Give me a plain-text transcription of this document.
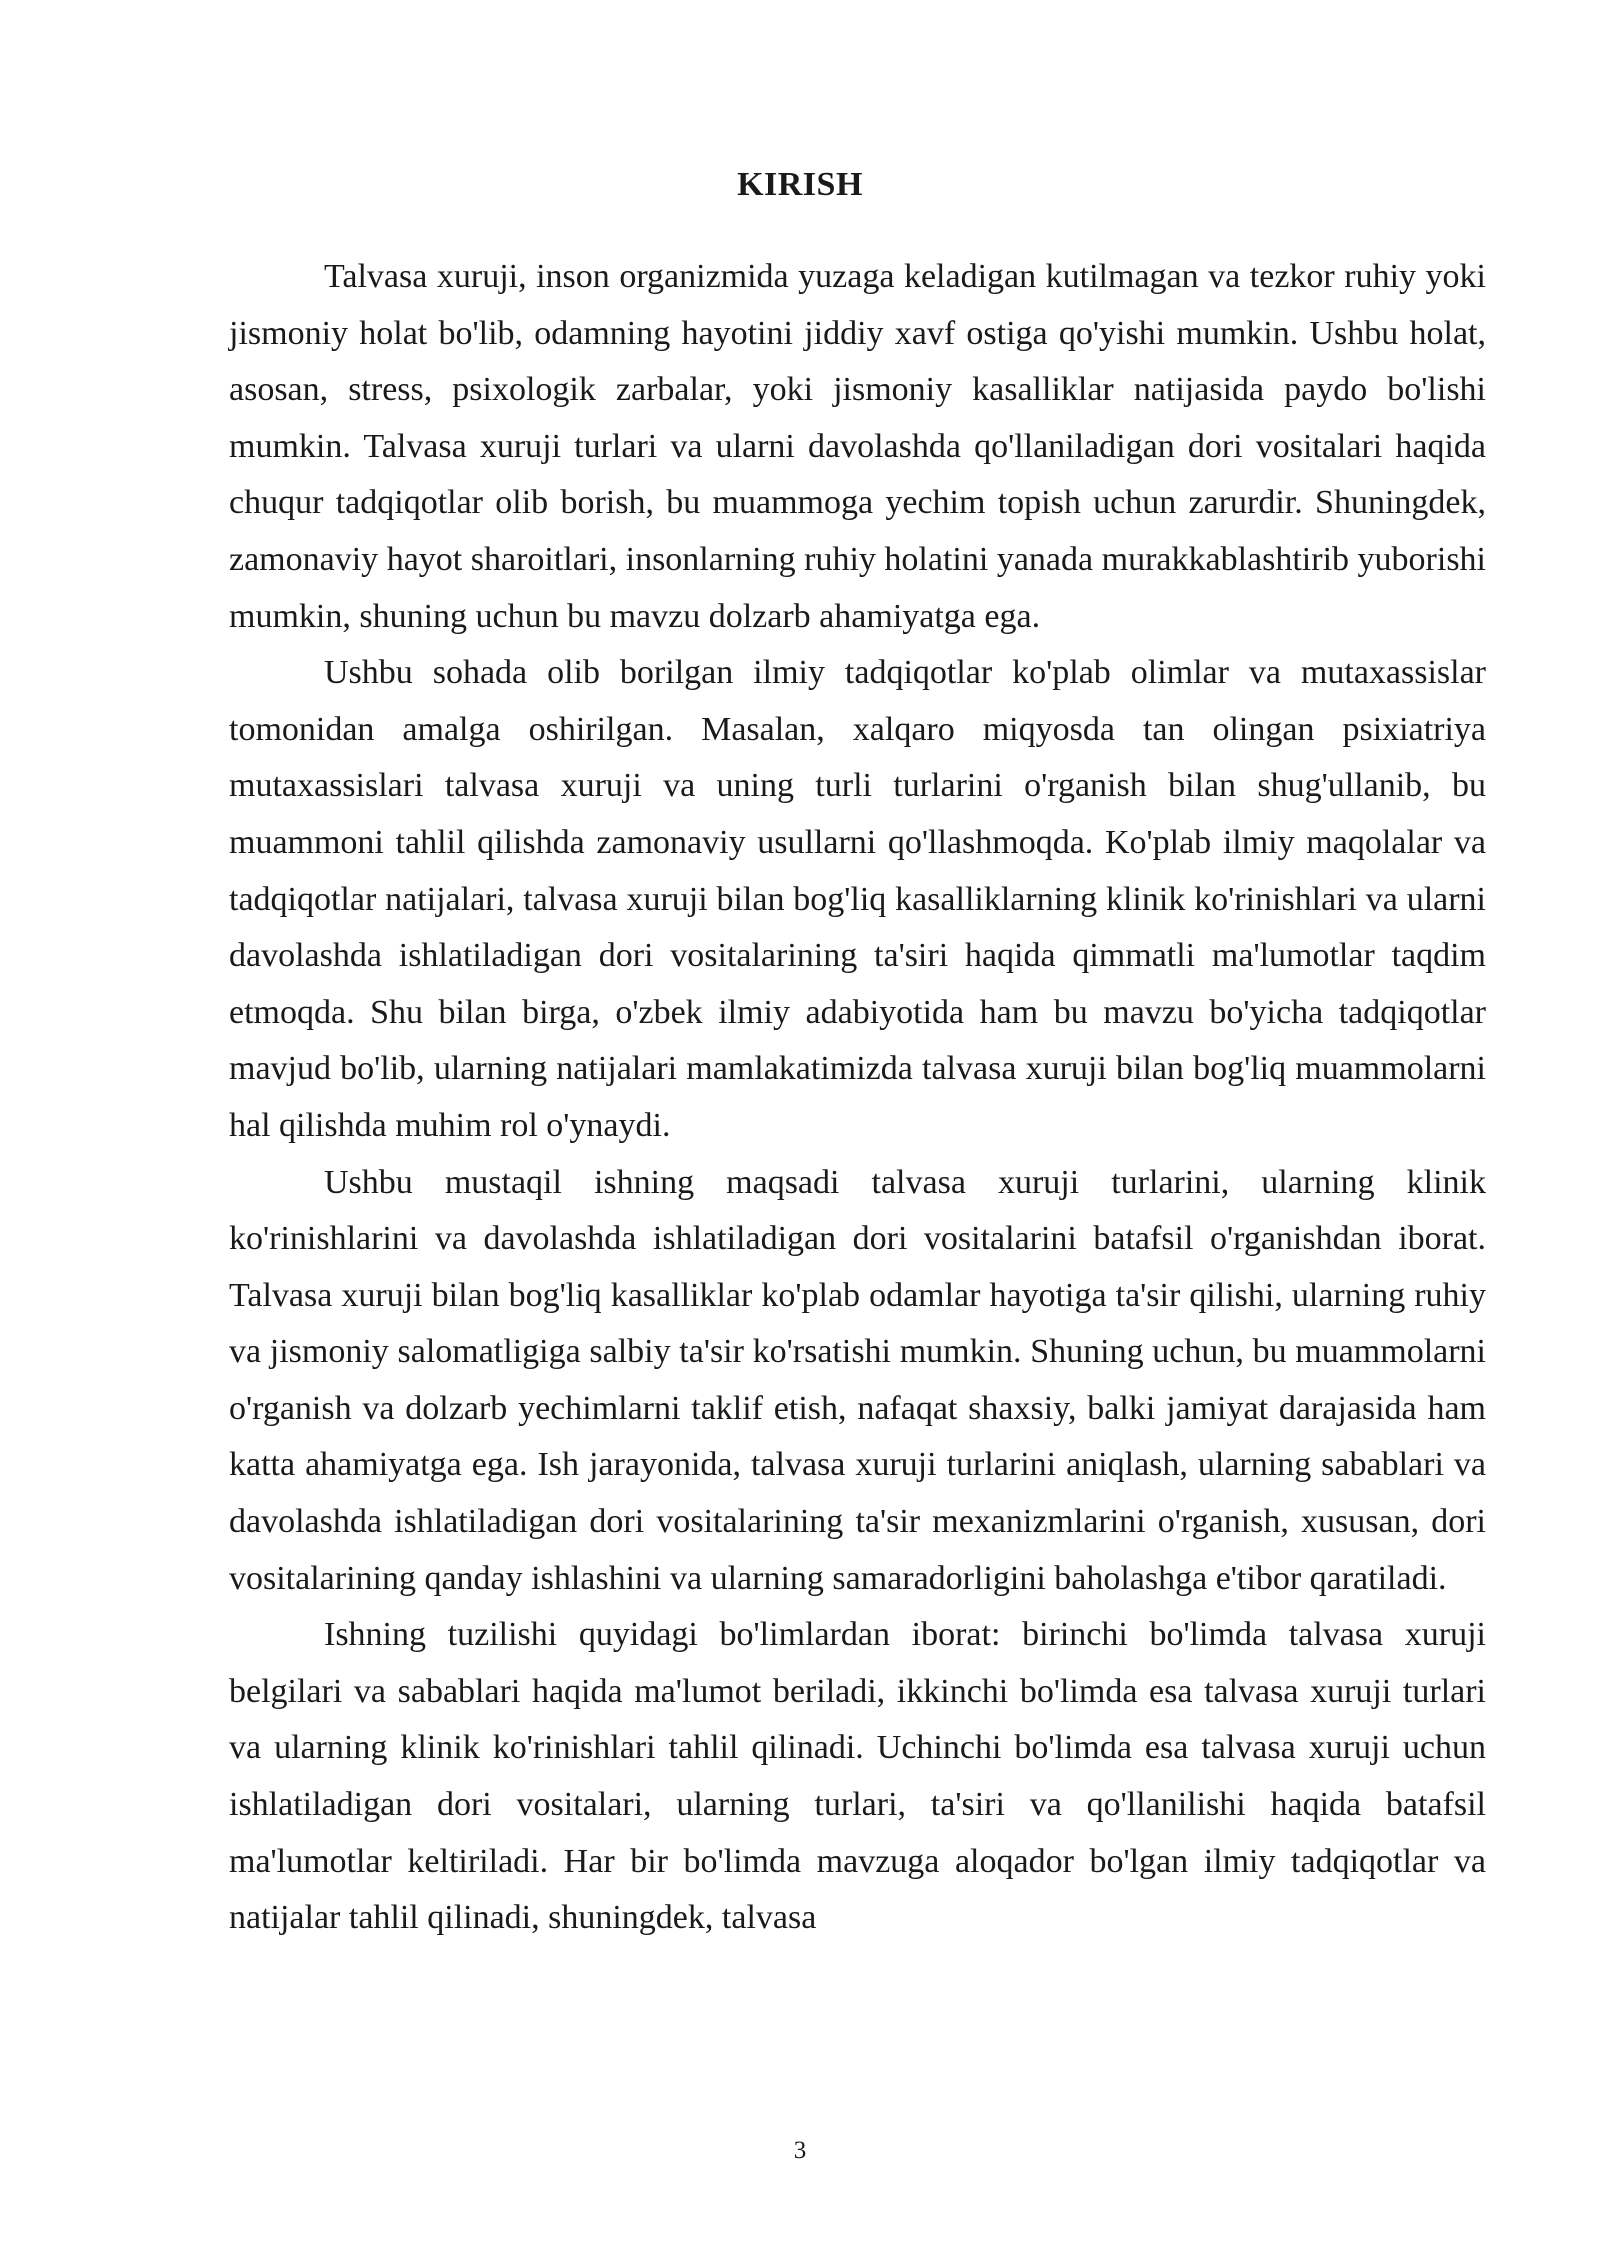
KIRISH

Talvasa xuruji, inson organizmida yuzaga keladigan kutilmagan va tezkor ruhiy yoki jismoniy holat bo'lib, odamning hayotini jiddiy xavf ostiga qo'yishi mumkin. Ushbu holat, asosan, stress, psixologik zarbalar, yoki jismoniy kasalliklar natijasida paydo bo'lishi mumkin. Talvasa xuruji turlari va ularni davolashda qo'llaniladigan dori vositalari haqida chuqur tadqiqotlar olib borish, bu muammoga yechim topish uchun zarurdir. Shuningdek, zamonaviy hayot sharoitlari, insonlarning ruhiy holatini yanada murakkablashtirib yuborishi mumkin, shuning uchun bu mavzu dolzarb ahamiyatga ega.

Ushbu sohada olib borilgan ilmiy tadqiqotlar ko'plab olimlar va mutaxassislar tomonidan amalga oshirilgan. Masalan, xalqaro miqyosda tan olingan psixiatriya mutaxassislari talvasa xuruji va uning turli turlarini o'rganish bilan shug'ullanib, bu muammoni tahlil qilishda zamonaviy usullarni qo'llashmoqda. Ko'plab ilmiy maqolalar va tadqiqotlar natijalari, talvasa xuruji bilan bog'liq kasalliklarning klinik ko'rinishlari va ularni davolashda ishlatiladigan dori vositalarining ta'siri haqida qimmatli ma'lumotlar taqdim etmoqda. Shu bilan birga, o'zbek ilmiy adabiyotida ham bu mavzu bo'yicha tadqiqotlar mavjud bo'lib, ularning natijalari mamlakatimizda talvasa xuruji bilan bog'liq muammolarni hal qilishda muhim rol o'ynaydi.

Ushbu mustaqil ishning maqsadi talvasa xuruji turlarini, ularning klinik ko'rinishlarini va davolashda ishlatiladigan dori vositalarini batafsil o'rganishdan iborat. Talvasa xuruji bilan bog'liq kasalliklar ko'plab odamlar hayotiga ta'sir qilishi, ularning ruhiy va jismoniy salomatligiga salbiy ta'sir ko'rsatishi mumkin. Shuning uchun, bu muammolarni o'rganish va dolzarb yechimlarni taklif etish, nafaqat shaxsiy, balki jamiyat darajasida ham katta ahamiyatga ega. Ish jarayonida, talvasa xuruji turlarini aniqlash, ularning sabablari va davolashda ishlatiladigan dori vositalarining ta'sir mexanizmlarini o'rganish, xususan, dori vositalarining qanday ishlashini va ularning samaradorligini baholashga e'tibor qaratiladi.

Ishning tuzilishi quyidagi bo'limlardan iborat: birinchi bo'limda talvasa xuruji belgilari va sabablari haqida ma'lumot beriladi, ikkinchi bo'limda esa talvasa xuruji turlari va ularning klinik ko'rinishlari tahlil qilinadi. Uchinchi bo'limda esa talvasa xuruji uchun ishlatiladigan dori vositalari, ularning turlari, ta'siri va qo'llanilishi haqida batafsil ma'lumotlar keltiriladi. Har bir bo'limda mavzuga aloqador bo'lgan ilmiy tadqiqotlar va natijalar tahlil qilinadi, shuningdek, talvasa

3
